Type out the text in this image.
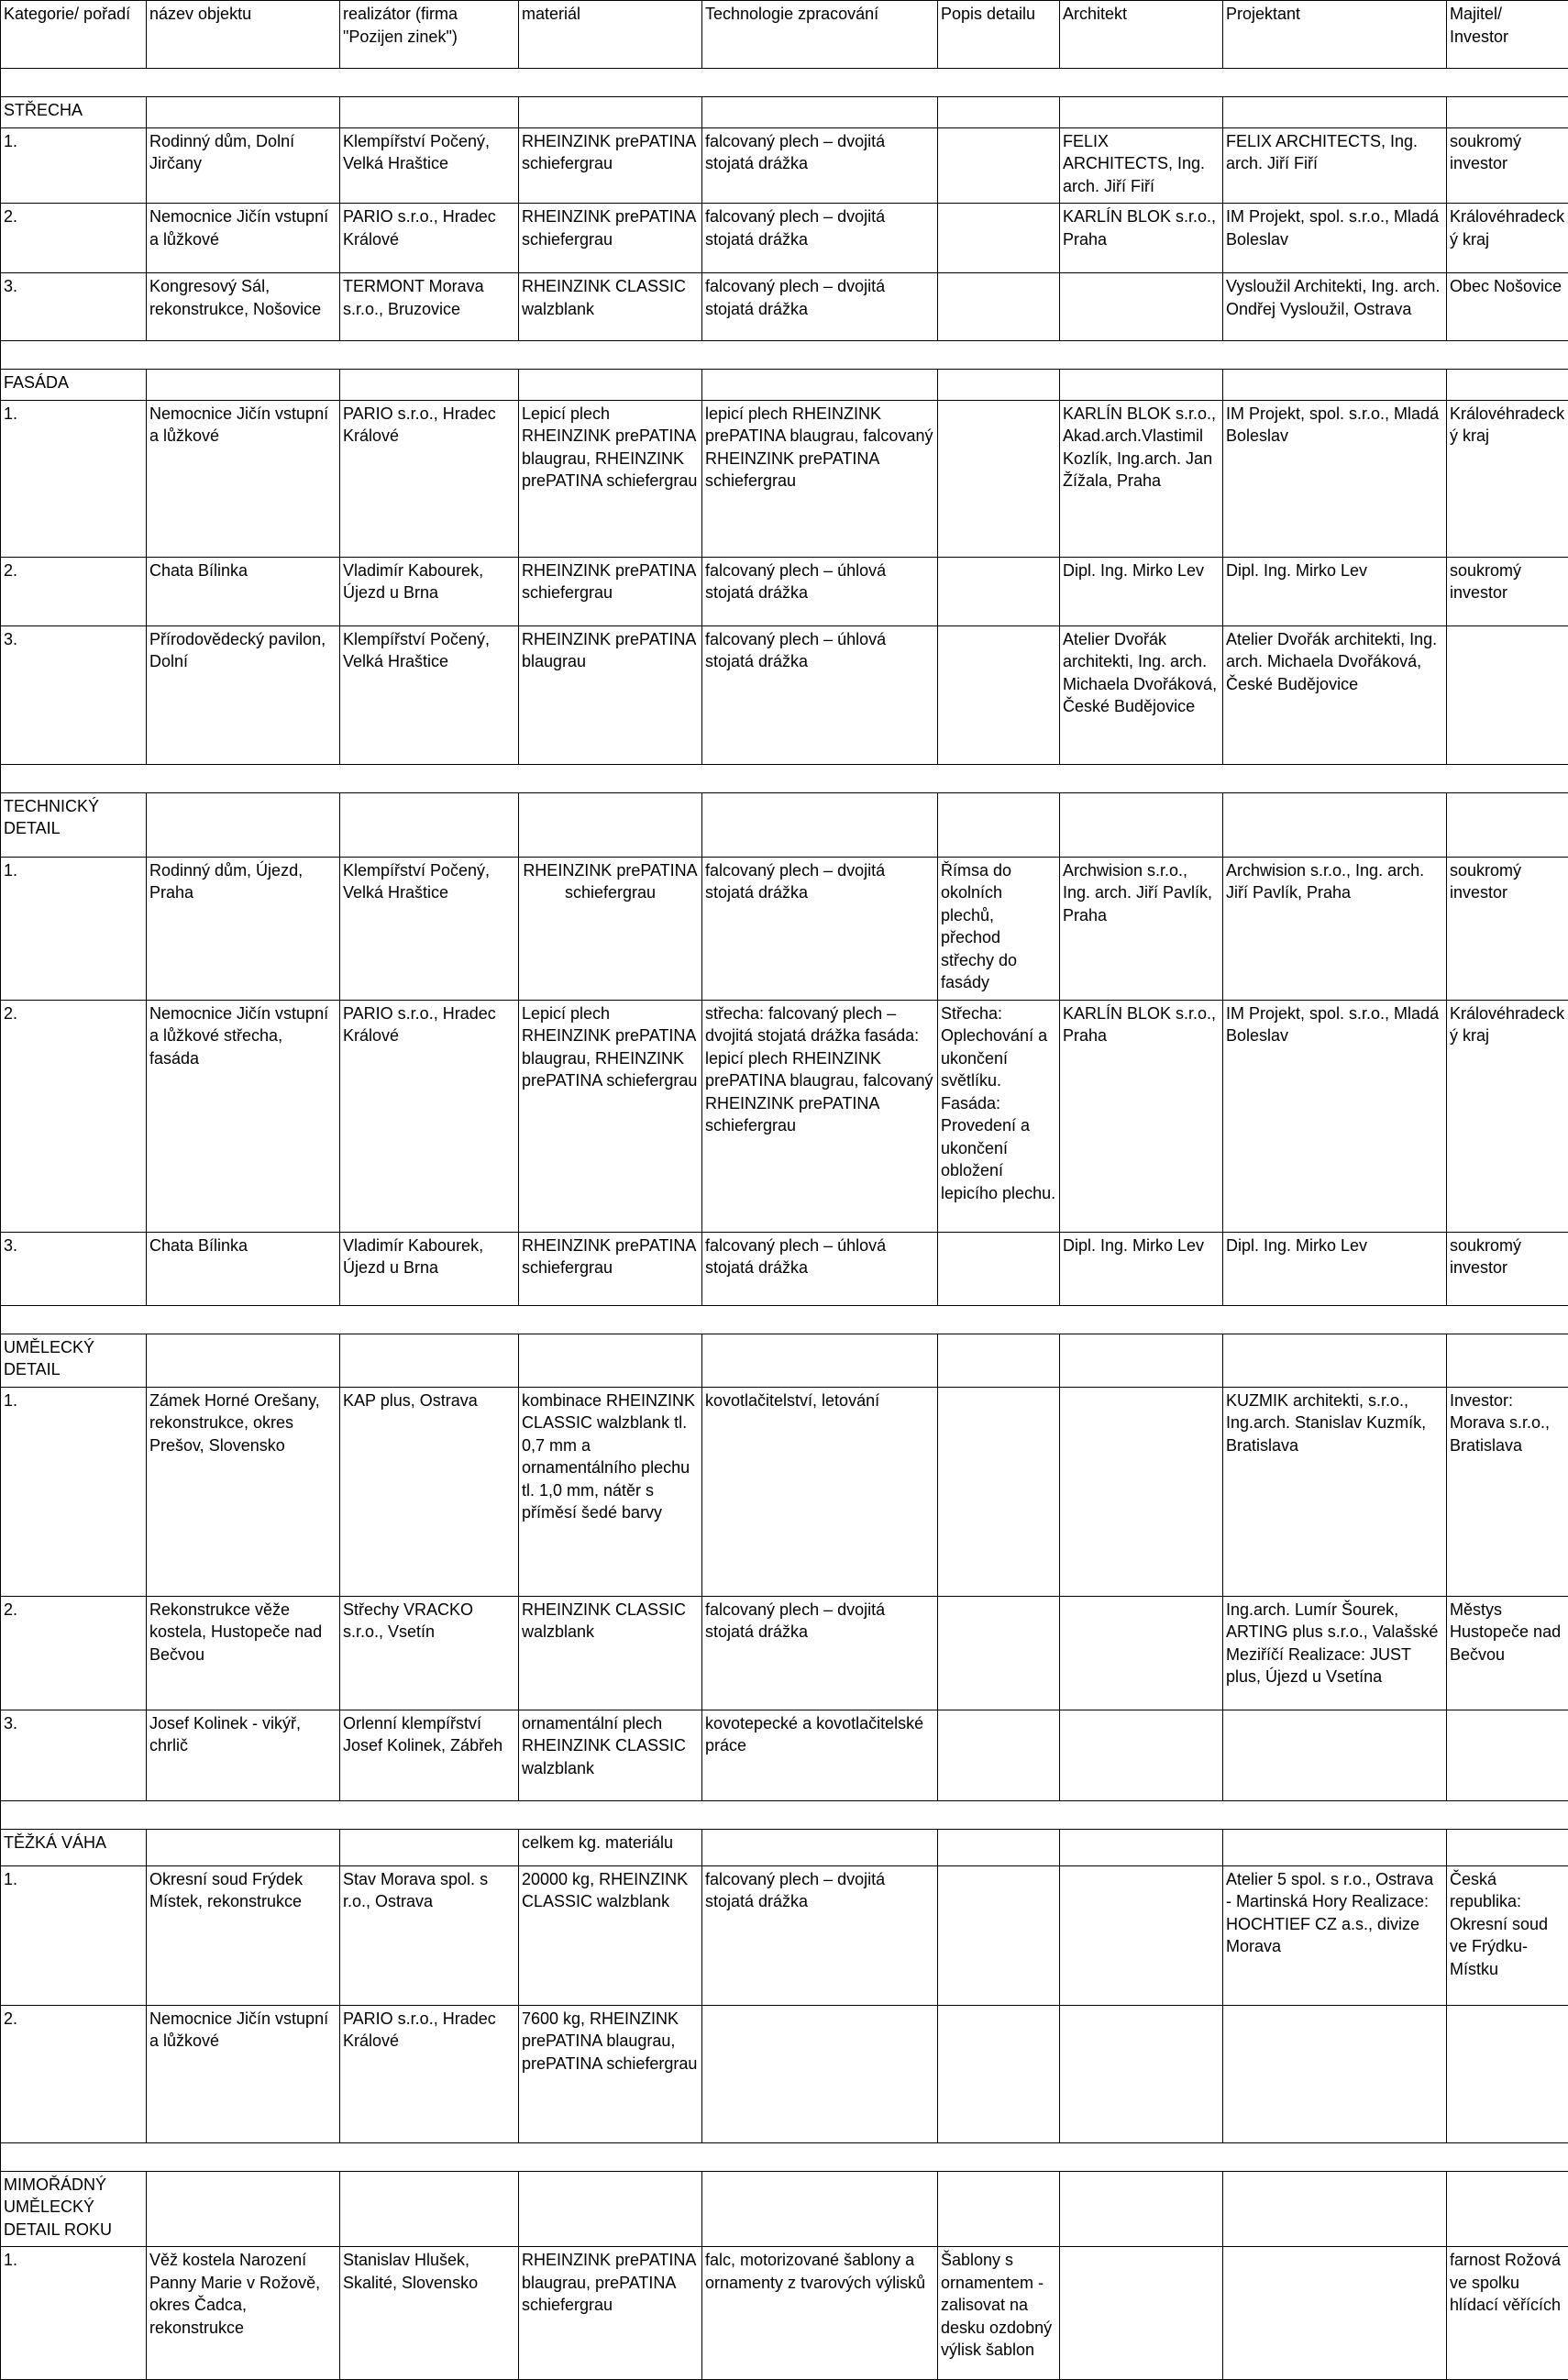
Kategorie/ pořadí	název objektu	realizátor (firma "Pozijen zinek")	materiál	Technologie zpracování	Popis detailu	Architekt	Projektant	Majitel/ Investor

STŘECHA								
1.	Rodinný dům, Dolní Jirčany	Klempířství Počený, Velká Hraštice	RHEINZINK prePATINA schiefergrau	falcovaný plech – dvojitá stojatá drážka		FELIX ARCHITECTS, Ing. arch. Jiří Fiří	FELIX ARCHITECTS, Ing. arch. Jiří Fiří	soukromý investor
2.	Nemocnice Jičín vstupní a lůžkové	PARIO s.r.o., Hradec Králové	RHEINZINK prePATINA schiefergrau	falcovaný plech – dvojitá stojatá drážka		KARLÍN BLOK s.r.o., Praha	IM Projekt, spol. s.r.o., Mladá Boleslav	Královéhradecký kraj
3.	Kongresový Sál, rekonstrukce, Nošovice	TERMONT Morava s.r.o., Bruzovice	RHEINZINK CLASSIC walzblank	falcovaný plech – dvojitá stojatá drážka			Vysloužil Architekti, Ing. arch. Ondřej Vysloužil, Ostrava	Obec Nošovice

FASÁDA								
1.	Nemocnice Jičín vstupní a lůžkové	PARIO s.r.o., Hradec Králové	Lepicí plech RHEINZINK prePATINA blaugrau, RHEINZINK prePATINA schiefergrau	lepicí plech RHEINZINK prePATINA blaugrau, falcovaný RHEINZINK prePATINA schiefergrau		KARLÍN BLOK s.r.o., Akad.arch.Vlastimil Kozlík, Ing.arch. Jan Žížala, Praha	IM Projekt, spol. s.r.o., Mladá Boleslav	Královéhradecký kraj
2.	Chata Bílinka	Vladimír Kabourek, Újezd u Brna	RHEINZINK prePATINA schiefergrau	falcovaný plech – úhlová stojatá drážka		Dipl. Ing. Mirko Lev	Dipl. Ing. Mirko Lev	soukromý investor
3.	Přírodovědecký pavilon, Dolní	Klempířství Počený, Velká Hraštice	RHEINZINK prePATINA blaugrau	falcovaný plech – úhlová stojatá drážka		Atelier Dvořák architekti, Ing. arch. Michaela Dvořáková, České Budějovice	Atelier Dvořák architekti, Ing. arch. Michaela Dvořáková, České Budějovice	

TECHNICKÝ DETAIL								
1.	Rodinný dům, Újezd, Praha	Klempířství Počený, Velká Hraštice	RHEINZINK prePATINA schiefergrau	falcovaný plech – dvojitá stojatá drážka	Římsa do okolních plechů, přechod střechy do fasády	Archwision s.r.o., Ing. arch. Jiří Pavlík, Praha	Archwision s.r.o., Ing. arch. Jiří Pavlík, Praha	soukromý investor
2.	Nemocnice Jičín vstupní a lůžkové střecha, fasáda	PARIO s.r.o., Hradec Králové	Lepicí plech RHEINZINK prePATINA blaugrau, RHEINZINK prePATINA schiefergrau	střecha: falcovaný plech – dvojitá stojatá drážka fasáda: lepicí plech RHEINZINK prePATINA blaugrau, falcovaný RHEINZINK prePATINA schiefergrau	Střecha: Oplechování a ukončení světlíku. Fasáda: Provedení a ukončení obložení lepicího plechu.	KARLÍN BLOK s.r.o., Praha	IM Projekt, spol. s.r.o., Mladá Boleslav	Královéhradecký kraj
3.	Chata Bílinka	Vladimír Kabourek, Újezd u Brna	RHEINZINK prePATINA schiefergrau	falcovaný plech – úhlová stojatá drážka		Dipl. Ing. Mirko Lev	Dipl. Ing. Mirko Lev	soukromý investor

UMĚLECKÝ DETAIL								
1.	Zámek Horné Orešany, rekonstrukce, okres Prešov, Slovensko	KAP plus, Ostrava	kombinace RHEINZINK CLASSIC walzblank tl. 0,7 mm a ornamentálního plechu tl. 1,0 mm, nátěr s příměsí šedé barvy	kovotlačitelství, letování			KUZMIK architekti, s.r.o., Ing.arch. Stanislav Kuzmík, Bratislava	Investor: Morava s.r.o., Bratislava
2.	Rekonstrukce věže kostela, Hustopeče nad Bečvou	Střechy VRACKO s.r.o., Vsetín	RHEINZINK CLASSIC walzblank	falcovaný plech – dvojitá stojatá drážka			Ing.arch. Lumír Šourek, ARTING plus s.r.o., Valašské Meziříčí Realizace: JUST plus, Újezd u Vsetína	Městys Hustopeče nad Bečvou
3.	Josef Kolinek - vikýř, chrlič	Orlenní klempířství Josef Kolinek, Zábřeh	ornamentální plech RHEINZINK CLASSIC walzblank	kovotepecké a kovotlačitelské práce				

TĚŽKÁ VÁHA			celkem kg. materiálu					
1.	Okresní soud Frýdek Místek, rekonstrukce	Stav Morava spol. s r.o., Ostrava	20000 kg, RHEINZINK CLASSIC walzblank	falcovaný plech – dvojitá stojatá drážka			Atelier 5 spol. s r.o., Ostrava - Martinská Hory Realizace: HOCHTIEF CZ a.s., divize Morava	Česká republika: Okresní soud ve Frýdku-Místku
2.	Nemocnice Jičín vstupní a lůžkové	PARIO s.r.o., Hradec Králové	7600 kg, RHEINZINK prePATINA blaugrau, prePATINA schiefergrau					

MIMOŘÁDNÝ UMĚLECKÝ DETAIL ROKU								
1.	Věž kostela Narození Panny Marie v Rožově, okres Čadca, rekonstrukce	Stanislav Hlušek, Skalité, Slovensko	RHEINZINK prePATINA blaugrau, prePATINA schiefergrau	falc, motorizované šablony a ornamenty z tvarových výlisků	Šablony s ornamentem - zalisovat na desku ozdobný výlisk šablon			farnost Rožová ve spolku hlídací věřících
